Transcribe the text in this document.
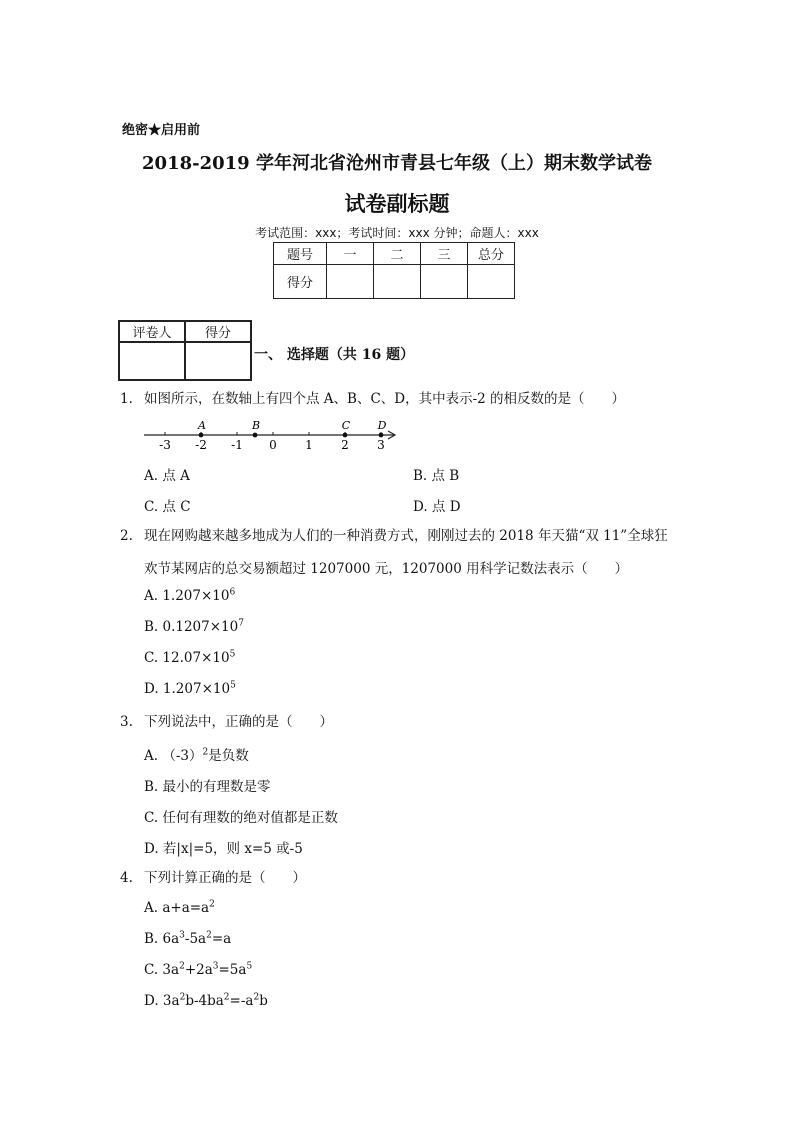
绝密★启用前
2018-2019 学年河北省沧州市青县七年级（上）期末数学试卷
试卷副标题
考试范围：xxx；考试时间：xxx 分钟；命题人：xxx
题号	一	二	三	总分
得分				
评卷人	得分

一、 选择题（共 16 题）
1. 如图所示，在数轴上有四个点 A、B、C、D，其中表示-2 的相反数的是（　　）
-3 -2 -1 0 1 2 3
A	B	C D
A. 点 A	B. 点 B
C. 点 C	D. 点 D
2. 现在网购越来越多地成为人们的一种消费方式，刚刚过去的 2018 年天猫“双 11”全球狂
欢节某网店的总交易额超过 1207000 元，1207000 用科学记数法表示（　　）
A. $1.207\times 10^6$
B. $0.1207\times 10^7$
C. $12.07\times 10^5$
D. $1.207\times 10^5$
3. 下列说法中，正确的是（　　）
A. $(-3)^2$是负数
B. 最小的有理数是零
C. 任何有理数的绝对值都是正数
D. 若|x|=5，则 x=5 或-5
4. 下列计算正确的是（　　）
A. $a+a=a^2$
B. $6a^3-5a^2=a$
C. $3a^2+2a^3=5a^5$
D. $3a^2b-4ba^2=-a^2b$
